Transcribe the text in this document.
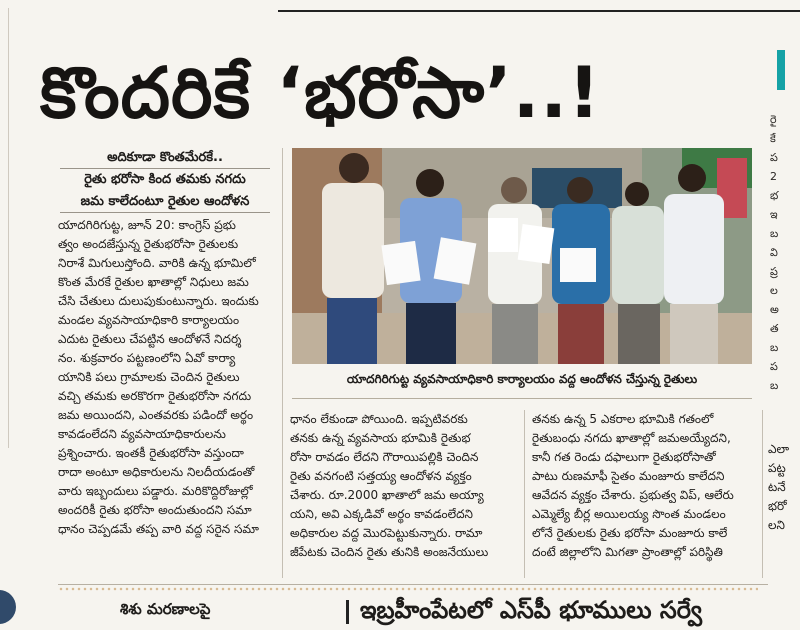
కొందరికే ‘భరోసా’..!	రై
కే
ప
2
భ
ఇ
బ
వి
ప్ర
ల
అ
త
బ
ప
బ
అదికూడా కొంతమేరకే..
రైతు భరోసా కింద తమకు నగదు
జమ కాలేదంటూ రైతుల ఆందోళన
యాదగిరిగుట్ట, జూన్ 20: కాంగ్రెస్ ప్రభు
త్వం అందజేస్తున్న రైతుభరోసా రైతులకు
నిరాశే మిగులుస్తోంది. వారికి ఉన్న భూమిలో
కొంత మేరకే రైతుల ఖాతాల్లో నిధులు జమ
చేసి చేతులు దులుపుకుంటున్నారు. ఇందుకు
మండల వ్యవసాయాధికారి కార్యాలయం
ఎదుట రైతులు చేపట్టిన ఆందోళనే నిదర్శ
నం. శుక్రవారం పట్టణంలోని ఏవో కార్యా
యానికి పలు గ్రామాలకు చెందిన రైతులు
వచ్చి తమకు అరకొరగా రైతుభరోసా నగదు
జమ అయిందని, ఎంతవరకు పడిందో అర్థం
కావడంలేదని వ్యవసాయాధికారులను
ప్రశ్నించారు. ఇంతకీ రైతుభరోసా వస్తుందా
రాదా అంటూ అధికారులను నిలదీయడంతో
వారు ఇబ్బందులు పడ్డారు. మరికొద్దిరోజుల్లో
అందరికీ రైతు భరోసా అందుతుందని సమా
ధానం చెప్పడమే తప్ప వారి వద్ద సరైన సమా
యాదగిరిగుట్ట వ్యవసాయాధికారి కార్యాలయం వద్ద ఆందోళన చేస్తున్న రైతులు
ధానం లేకుండా పోయింది. ఇప్పటివరకు
తనకు ఉన్న వ్యవసాయ భూమికి రైతుభ
రోసా రావడం లేదని గౌరాయిపల్లికి చెందిన
రైతు వనగంటి సత్తయ్య ఆందోళన వ్యక్తం
చేశారు. రూ.2000 ఖాతాలో జమ అయ్యా
యని, అవి ఎక్కడివో అర్థం కావడంలేదని
అధికారుల వద్ద మొరపెట్టుకున్నారు. రామా
జీపేటకు చెందిన రైతు తునికి అంజనేయులు
తనకు ఉన్న 5 ఎకరాల భూమికి గతంలో
రైతుబంధు నగదు ఖాతాల్లో జమఅయ్యేదని,
కానీ గత రెండు దఫాలుగా రైతుభరోసాతో
పాటు రుణమాఫీ సైతం మంజూరు కాలేదని
ఆవేదన వ్యక్తం చేశారు. ప్రభుత్వ విప్, ఆలేరు
ఎమ్మెల్యే బీర్ల అయిలయ్య సొంత మండలం
లోనే రైతులకు రైతు భరోసా మంజూరు కాలే
దంటే జిల్లాలోని మిగతా ప్రాంతాల్లో పరిస్థితి
ఎలా
పట్ట
టనే
భరో
లని
శిశు మరణాలపై	ఇబ్రహీంపేటలో ఎస్‌పీ భూములు సర్వే
